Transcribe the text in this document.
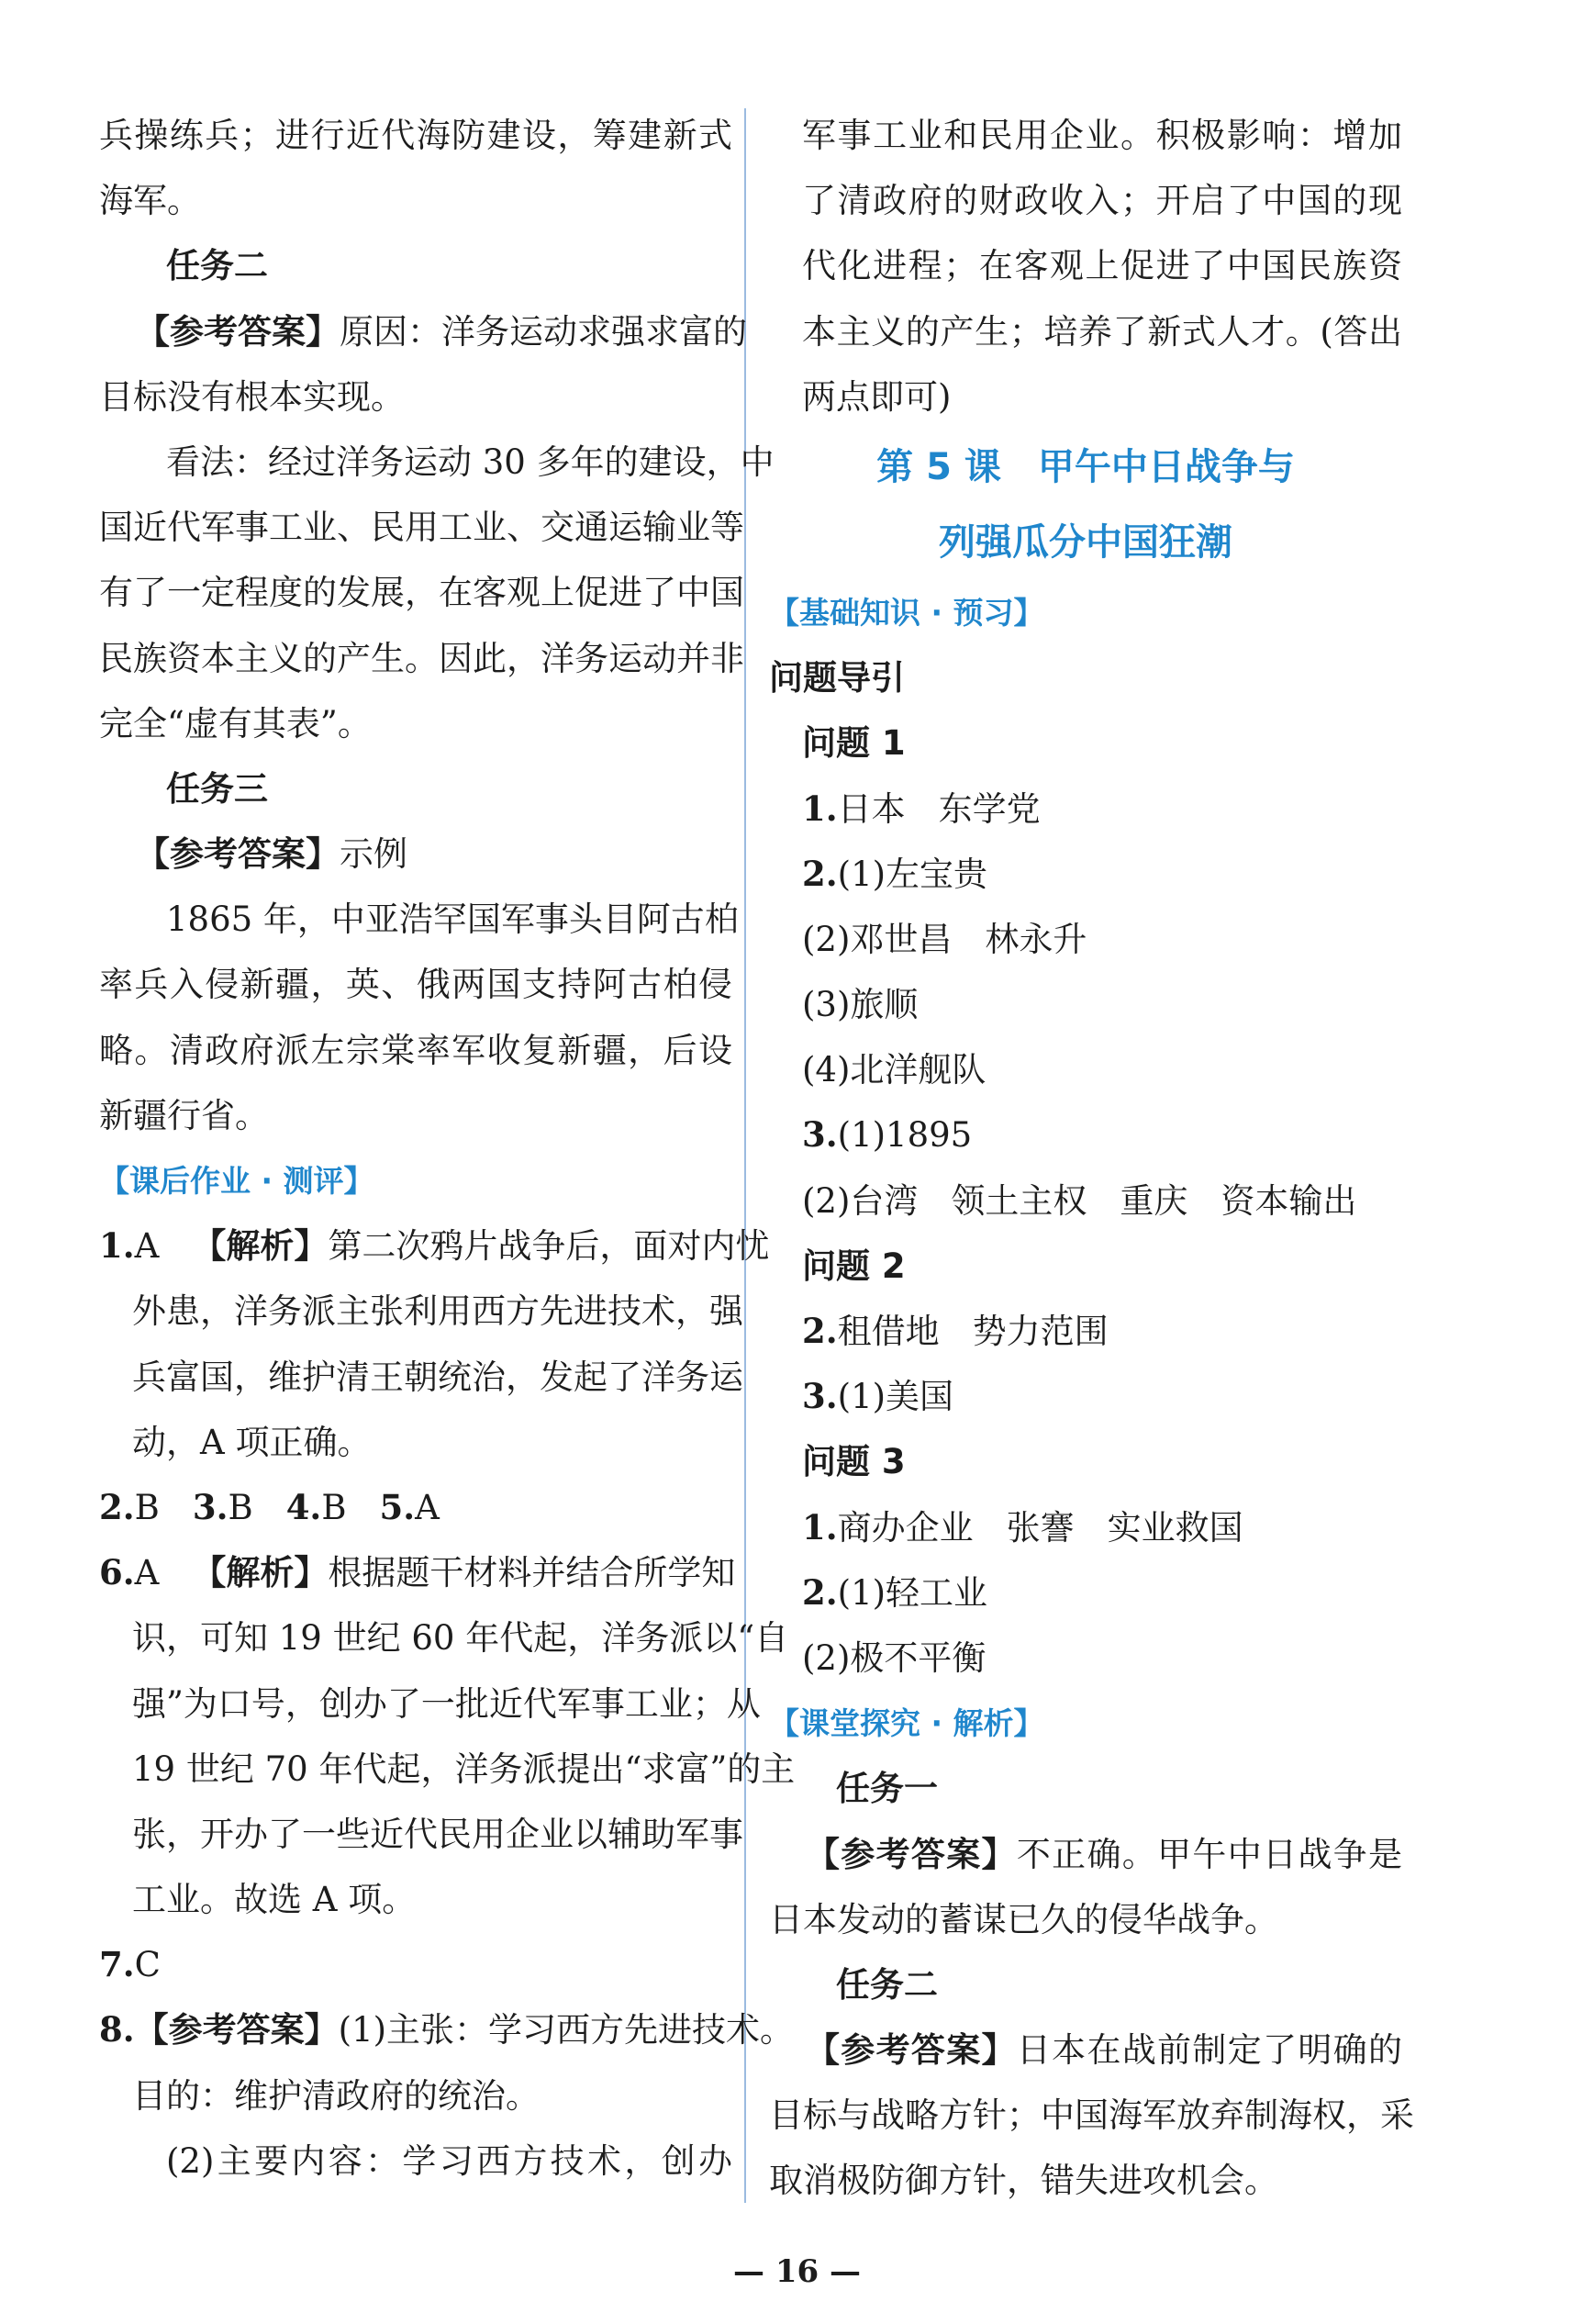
兵操练兵；进行近代海防建设，筹建新式
海军。
任务二
【参考答案】原因：洋务运动求强求富的
目标没有根本实现。
看法：经过洋务运动 30 多年的建设，中
国近代军事工业、民用工业、交通运输业等
有了一定程度的发展，在客观上促进了中国
民族资本主义的产生。因此，洋务运动并非
完全“虚有其表”。
任务三
【参考答案】示例
1865 年，中亚浩罕国军事头目阿古柏
率兵入侵新疆，英、俄两国支持阿古柏侵
略。清政府派左宗棠率军收复新疆，后设
新疆行省。
【课后作业 · 测评】
1.A 【解析】第二次鸦片战争后，面对内忧
外患，洋务派主张利用西方先进技术，强
兵富国，维护清王朝统治，发起了洋务运
动，A 项正确。
2.B 3.B 4.B 5.A
6.A 【解析】根据题干材料并结合所学知
识，可知 19 世纪 60 年代起，洋务派以“自
强”为口号，创办了一批近代军事工业；从
19 世纪 70 年代起，洋务派提出“求富”的主
张，开办了一些近代民用企业以辅助军事
工业。故选 A 项。
7.C
8.【参考答案】(1)主张：学习西方先进技术。
目的：维护清政府的统治。
(2)主要内容：学习西方技术，创办
军事工业和民用企业。积极影响：增加
了清政府的财政收入；开启了中国的现
代化进程；在客观上促进了中国民族资
本主义的产生；培养了新式人才。(答出
两点即可)
第 5 课　甲午中日战争与
列强瓜分中国狂潮
【基础知识 · 预习】
问题导引
问题 1
1.日本 东学党
2.(1)左宝贵
(2)邓世昌 林永升
(3)旅顺
(4)北洋舰队
3.(1)1895
(2)台湾 领土主权 重庆 资本输出
问题 2
2.租借地 势力范围
3.(1)美国
问题 3
1.商办企业 张謇 实业救国
2.(1)轻工业
(2)极不平衡
【课堂探究 · 解析】
任务一
【参考答案】不正确。甲午中日战争是
日本发动的蓄谋已久的侵华战争。
任务二
【参考答案】日本在战前制定了明确的
目标与战略方针；中国海军放弃制海权，采
取消极防御方针，错失进攻机会。
— 16 —
